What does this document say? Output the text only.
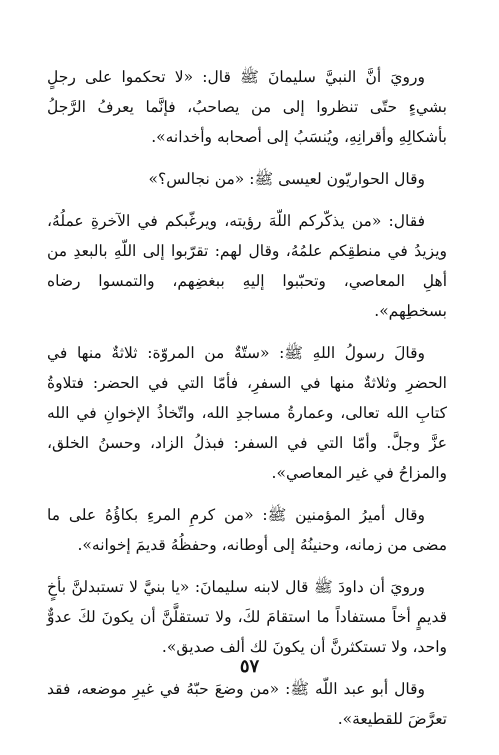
ورويَ أنَّ النبيَّ سليمانَ ﷺ قال: «لا تحكموا على رجلٍ بشيءٍ حتّى تنظروا إلى من يصاحبُ، فإنَّما يعرفُ الرَّجلُ بأشكالِهِ وأقرانِهِ، ويُنسَبُ إلى أصحابه وأخدانه».

وقال الحواريّون لعيسى ﷺ: «من نجالس؟»

فقال: «من يذكّركم اللّهَ رؤيته، ويرغّبكم في الآخرةِ عملُهُ، ويزيدُ في منطقِكم علمُهُ، وقال لهم: تقرّبوا إلى اللّهِ بالبعدِ من أهلِ المعاصي، وتحبّبوا إليهِ ببغضِهم، والتمسوا رضاه بسخطِهم».

وقالَ رسولُ اللهِ ﷺ: «ستّةٌ من المروّة: ثلاثةٌ منها في الحضرِ وثلاثةٌ منها في السفرِ، فأمّا التي في الحضر: فتلاوةُ كتابِ الله تعالى، وعمارةُ مساجدِ الله، واتّخاذُ الإخوانِ في الله عزَّ وجلَّ. وأمّا التي في السفر: فبذلُ الزاد، وحسنُ الخلق، والمزاحُ في غير المعاصي».

وقال أميرُ المؤمنين ﷺ: «من كرمِ المرءِ بكاؤُهُ على ما مضى من زمانه، وحنينُهُ إلى أوطانه، وحفظُهُ قديمَ إخوانه».

ورويَ أن داودَ ﷺ قال لابنه سليمانَ: «يا بنيَّ لا تستبدلنَّ بأخٍ قديمٍ أخاً مستفاداً ما استقامَ لكَ، ولا تستقلَّنَّ أن يكونَ لكَ عدوٌّ واحد، ولا تستكثرنَّ أن يكونَ لك ألف صديق».

وقال أبو عبد اللّه ﷺ: «من وضعَ حبّهُ في غيرِ موضعه، فقد تعرَّضَ للقطيعة».

٥٧
